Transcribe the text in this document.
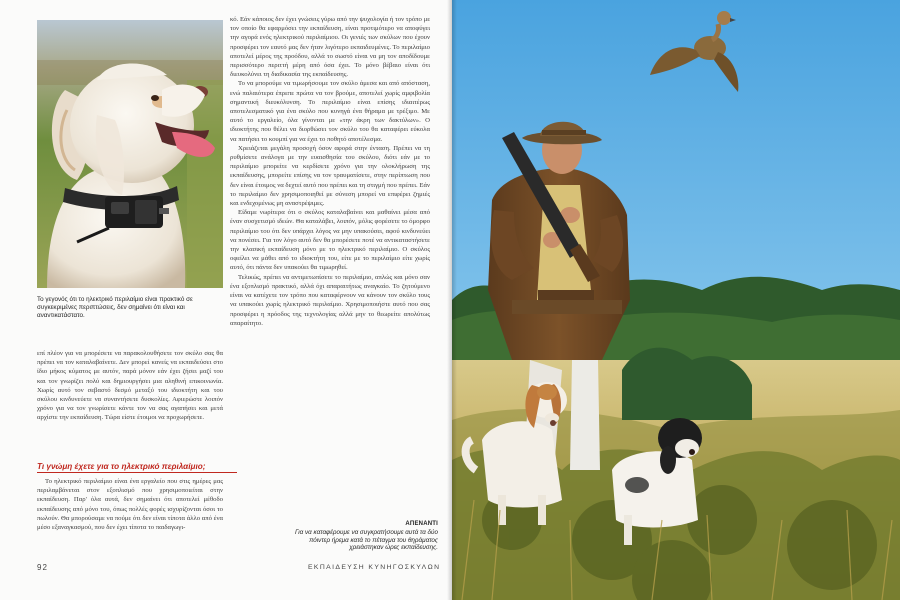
Το γεγονός ότι το ηλεκτρικό περιλαίμιο είναι πρακτικό σε συγκεκριμένες περιπτώσεις, δεν σημαίνει ότι είναι και αναντικατάστατο.

επί πλέον για να μπορέσετε να παρακολουθήσετε τον σκύλο σας θα πρέπει να τον καταλαβαίνετε. Δεν μπορεί κανείς να εκπαιδεύσει στο ίδιο μήκος κύματος με αυτόν, παρά μόνον εάν έχει ζήσει μαζί του και τον γνωρίζει πολύ και δημιουργήσει μια αληθινή επικοινωνία. Χωρίς αυτό τον σεβαστό δεσμό μεταξύ του ιδιοκτήτη και του σκύλου κινδυνεύετε να συναντήσετε δυσκολίες. Αφιερώστε λοιπόν χρόνο για να τον γνωρίσετε κάντε τον να σας αγαπήσει και μετά αρχίστε την εκπαίδευση. Τώρα είστε έτοιμοι να προχωρήσετε.

Τι γνώμη έχετε για το ηλεκτρικό περιλαίμιο;

Το ηλεκτρικό περιλαίμιο είναι ένα εργαλείο που στις ημέρες μας περιλαμβάνεται στον εξοπλισμό που χρησιμοποιείται στην εκπαίδευση. Παρ' όλα αυτά, δεν σημαίνει ότι αποτελεί μέθοδο εκπαίδευσης από μόνο του, όπως πολλές φορές ισχυρίζονται όσοι το πωλούν. Θα μπορούσαμε να πούμε ότι δεν είναι τίποτα άλλο από ένα μέσο εξαναγκασμού, που δεν έχει τίποτα το παιδαγωγι-

κό. Εάν κάποιος δεν έχει γνώσεις γύρω από την ψυχολογία ή τον τρόπο με τον οποίο θα εφαρμόσει την εκπαίδευση, είναι προτιμότερο να αποφύγει την αγορά ενός ηλεκτρικού περιλαίμιου. Οι γενιές των σκύλων που έχουν προσφέρει τον εαυτό μας δεν ήταν λιγότερο εκπαιδευμένες. Το περιλαίμιο αποτελεί μέρος της προόδου, αλλά το σωστό είναι να μη τον αποδίδουμε περισσότερο περιττή μέρη από όσα έχει. Το μόνο βέβαιο είναι ότι διευκολύνει τη διαδικασία της εκπαίδευσης.

Το να μπορούμε να τιμωρήσουμε τον σκύλο άμεσα και από απόσταση, ενώ παλαιότερα έπρεπε πρώτα να τον βρούμε, αποτελεί χωρίς αμφιβολία σημαντική διευκόλυνση. Το περιλαίμιο είναι επίσης ιδιαιτέρως αποτελεσματικό για ένα σκύλο που κυνηγά ένα θήραμα με τρέξιμο. Με αυτό το εργαλείο, όλα γίνονται με «την άκρη των δακτύλων». Ο ιδιοκτήτης που θέλει να διορθώσει τον σκύλο του θα καταφέρει εύκολα να πατήσει το κουμπί για να έχει το ποθητό αποτέλεσμα.

Χρειάζεται μεγάλη προσοχή όσον αφορά στην ένταση. Πρέπει να τη ρυθμίσετε ανάλογα με την ευαισθησία του σκύλου, διότι εάν με το περιλαίμιο μπορείτε να κερδίσετε χρόνο για την ολοκλήρωση της εκπαίδευσης, μπορείτε επίσης να τον τραυματίσετε, στην περίπτωση που δεν είναι έτοιμος να δεχτεί αυτό που πρέπει και τη στιγμή που πρέπει. Εάν το περιλαίμιο δεν χρησιμοποιηθεί με σύνεση μπορεί να επιφέρει ζημιές και ενδεχομένως μη αναστρέψιμες.

Είδαμε νωρίτερα ότι ο σκύλος καταλαβαίνει και μαθαίνει μέσα από έναν συσχετισμό ιδεών. Θα καταλάβει, λοιπόν, μόλις φορέσετε το όμορφο περιλαίμιο του ότι δεν υπάρχει λόγος να μην υπακούσει, αφού κινδυνεύει να πονέσει. Για τον λόγο αυτό δεν θα μπορέσετε ποτέ να αντικαταστήσετε την κλασική εκπαίδευση μόνο με το ηλεκτρικό περιλαίμιο. Ο σκύλος οφείλει να μάθει από το ιδιοκτήτη του, είτε με το περιλαίμιο είτε χωρίς αυτό, ότι πάντα δεν υπακούει θα τιμωρηθεί.

Τελικώς, πρέπει να αντιμετωπίσετε το περιλαίμιο, απλώς και μόνο σαν ένα εξοπλισμό πρακτικό, αλλά όχι απαραιτήτως αναγκαίο. Το ζητούμενο είναι να κατέχετε τον τρόπο που καταφέρνουν να κάνουν τον σκύλο τους να υπακούει χωρίς ηλεκτρικό περιλαίμιο. Χρησιμοποιήστε αυτό που σας προσφέρει η πρόοδος της τεχνολογίας αλλά μην το θεωρείτε απολύτως απαραίτητο.

ΑΠΕΝΑΝΤΙ
Για να καταφέρουμε να συγκρατήσουμε αυτά τα δύο πόιντερ ήρεμα κατά το πέταγμα του θηράματος χρειάστηκαν ώρες εκπαίδευσης.
92	ΕΚΠΑΙΔΕΥΣΗ ΚΥΝΗΓΟΣΚΥΛΩΝ
